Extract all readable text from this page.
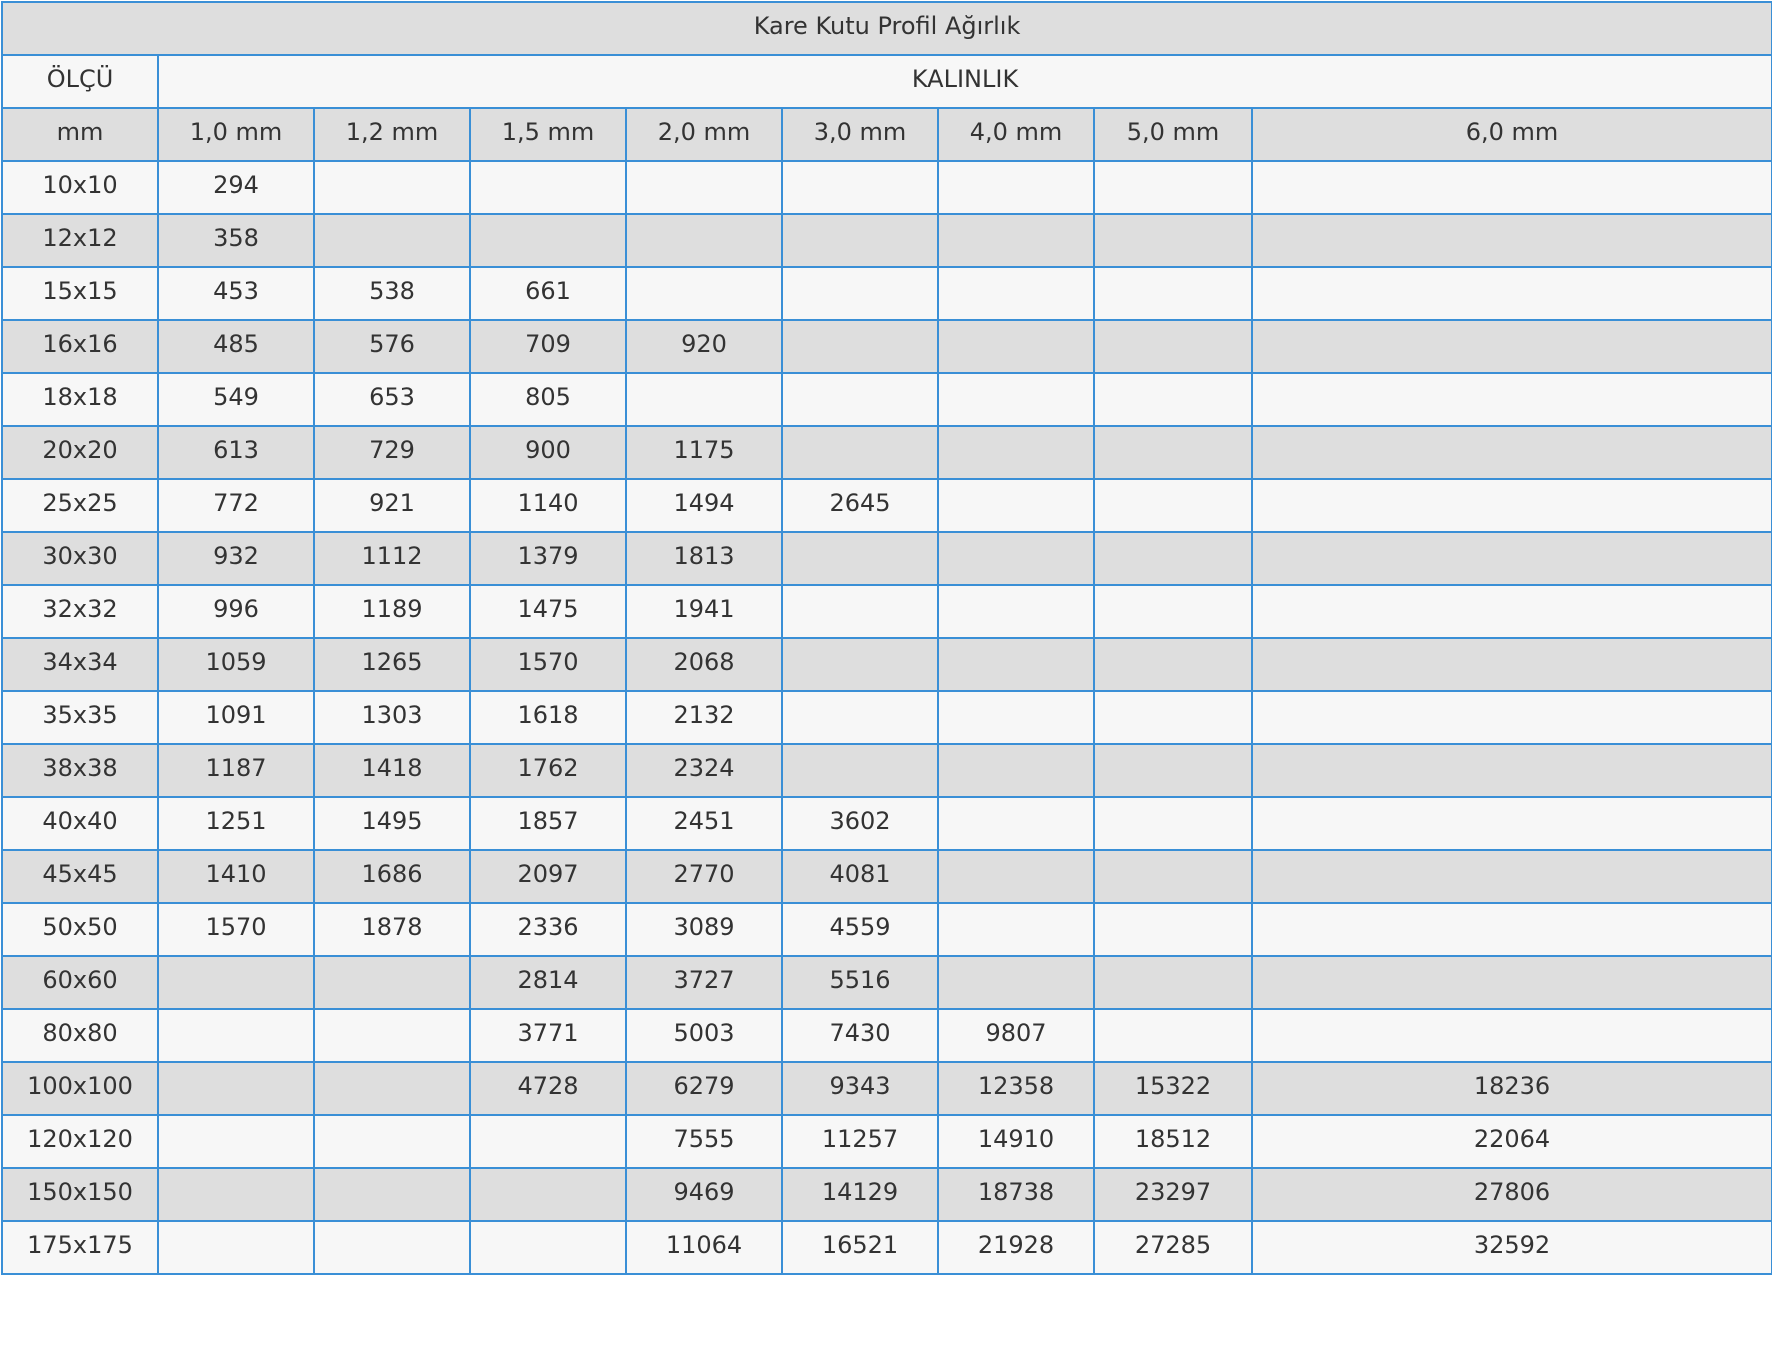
Kare Kutu Profil Ağırlık								
ÖLÇÜ	KALINLIK							
mm	1,0 mm	1,2 mm	1,5 mm	2,0 mm	3,0 mm	4,0 mm	5,0 mm	6,0 mm
10x10	294							
12x12	358							
15x15	453	538	661					
16x16	485	576	709	920				
18x18	549	653	805					
20x20	613	729	900	1175				
25x25	772	921	1140	1494	2645			
30x30	932	1112	1379	1813				
32x32	996	1189	1475	1941				
34x34	1059	1265	1570	2068				
35x35	1091	1303	1618	2132				
38x38	1187	1418	1762	2324				
40x40	1251	1495	1857	2451	3602			
45x45	1410	1686	2097	2770	4081			
50x50	1570	1878	2336	3089	4559			
60x60			2814	3727	5516			
80x80			3771	5003	7430	9807		
100x100			4728	6279	9343	12358	15322	18236
120x120				7555	11257	14910	18512	22064
150x150				9469	14129	18738	23297	27806
175x175				11064	16521	21928	27285	32592
